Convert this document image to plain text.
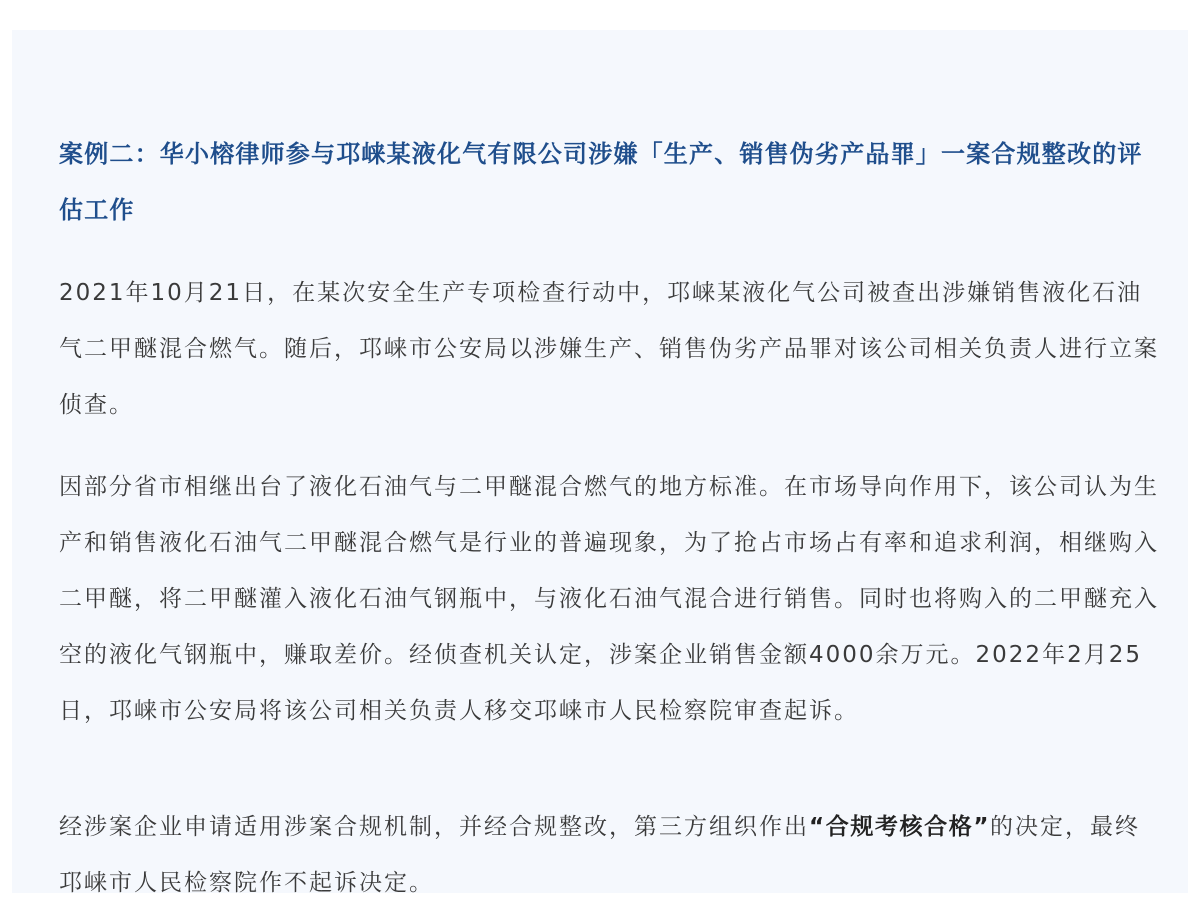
案例二：华小榕律师参与邛崃某液化气有限公司涉嫌「生产、销售伪劣产品罪」一案合规整改的评估工作

2021年10月21日，在某次安全生产专项检查行动中，邛崃某液化气公司被查出涉嫌销售液化石油气二甲醚混合燃气。随后，邛崃市公安局以涉嫌生产、销售伪劣产品罪对该公司相关负责人进行立案侦查。

因部分省市相继出台了液化石油气与二甲醚混合燃气的地方标准。在市场导向作用下，该公司认为生产和销售液化石油气二甲醚混合燃气是行业的普遍现象，为了抢占市场占有率和追求利润，相继购入二甲醚，将二甲醚灌入液化石油气钢瓶中，与液化石油气混合进行销售。同时也将购入的二甲醚充入空的液化气钢瓶中，赚取差价。经侦查机关认定，涉案企业销售金额4000余万元。2022年2月25日，邛崃市公安局将该公司相关负责人移交邛崃市人民检察院审查起诉。

经涉案企业申请适用涉案合规机制，并经合规整改，第三方组织作出“合规考核合格”的决定，最终邛崃市人民检察院作不起诉决定。
